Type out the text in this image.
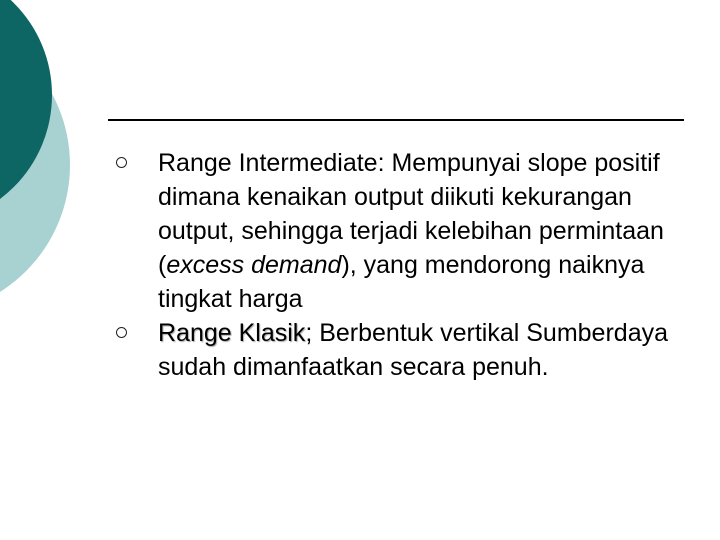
Range Intermediate: Mempunyai slope positif dimana kenaikan output diikuti kekurangan output, sehingga terjadi kelebihan permintaan (excess demand), yang mendorong naiknya tingkat harga
Range Klasik; Berbentuk vertikal Sumberdaya sudah dimanfaatkan secara penuh.
